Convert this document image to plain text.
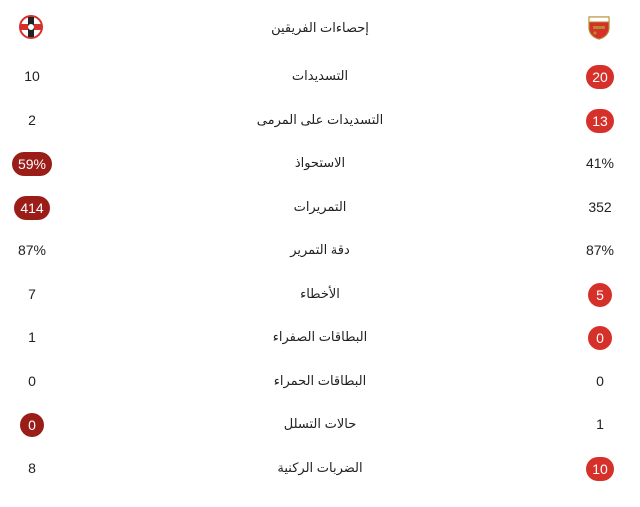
إحصاءات الفريقين
10	التسديدات	20
2	التسديدات على المرمى	13
59%	الاستحواذ	41%
414	التمريرات	352
87%	دقة التمرير	87%
7	الأخطاء	5
1	البطاقات الصفراء	0
0	البطاقات الحمراء	0
0	حالات التسلل	1
8	الضربات الركنية	10
